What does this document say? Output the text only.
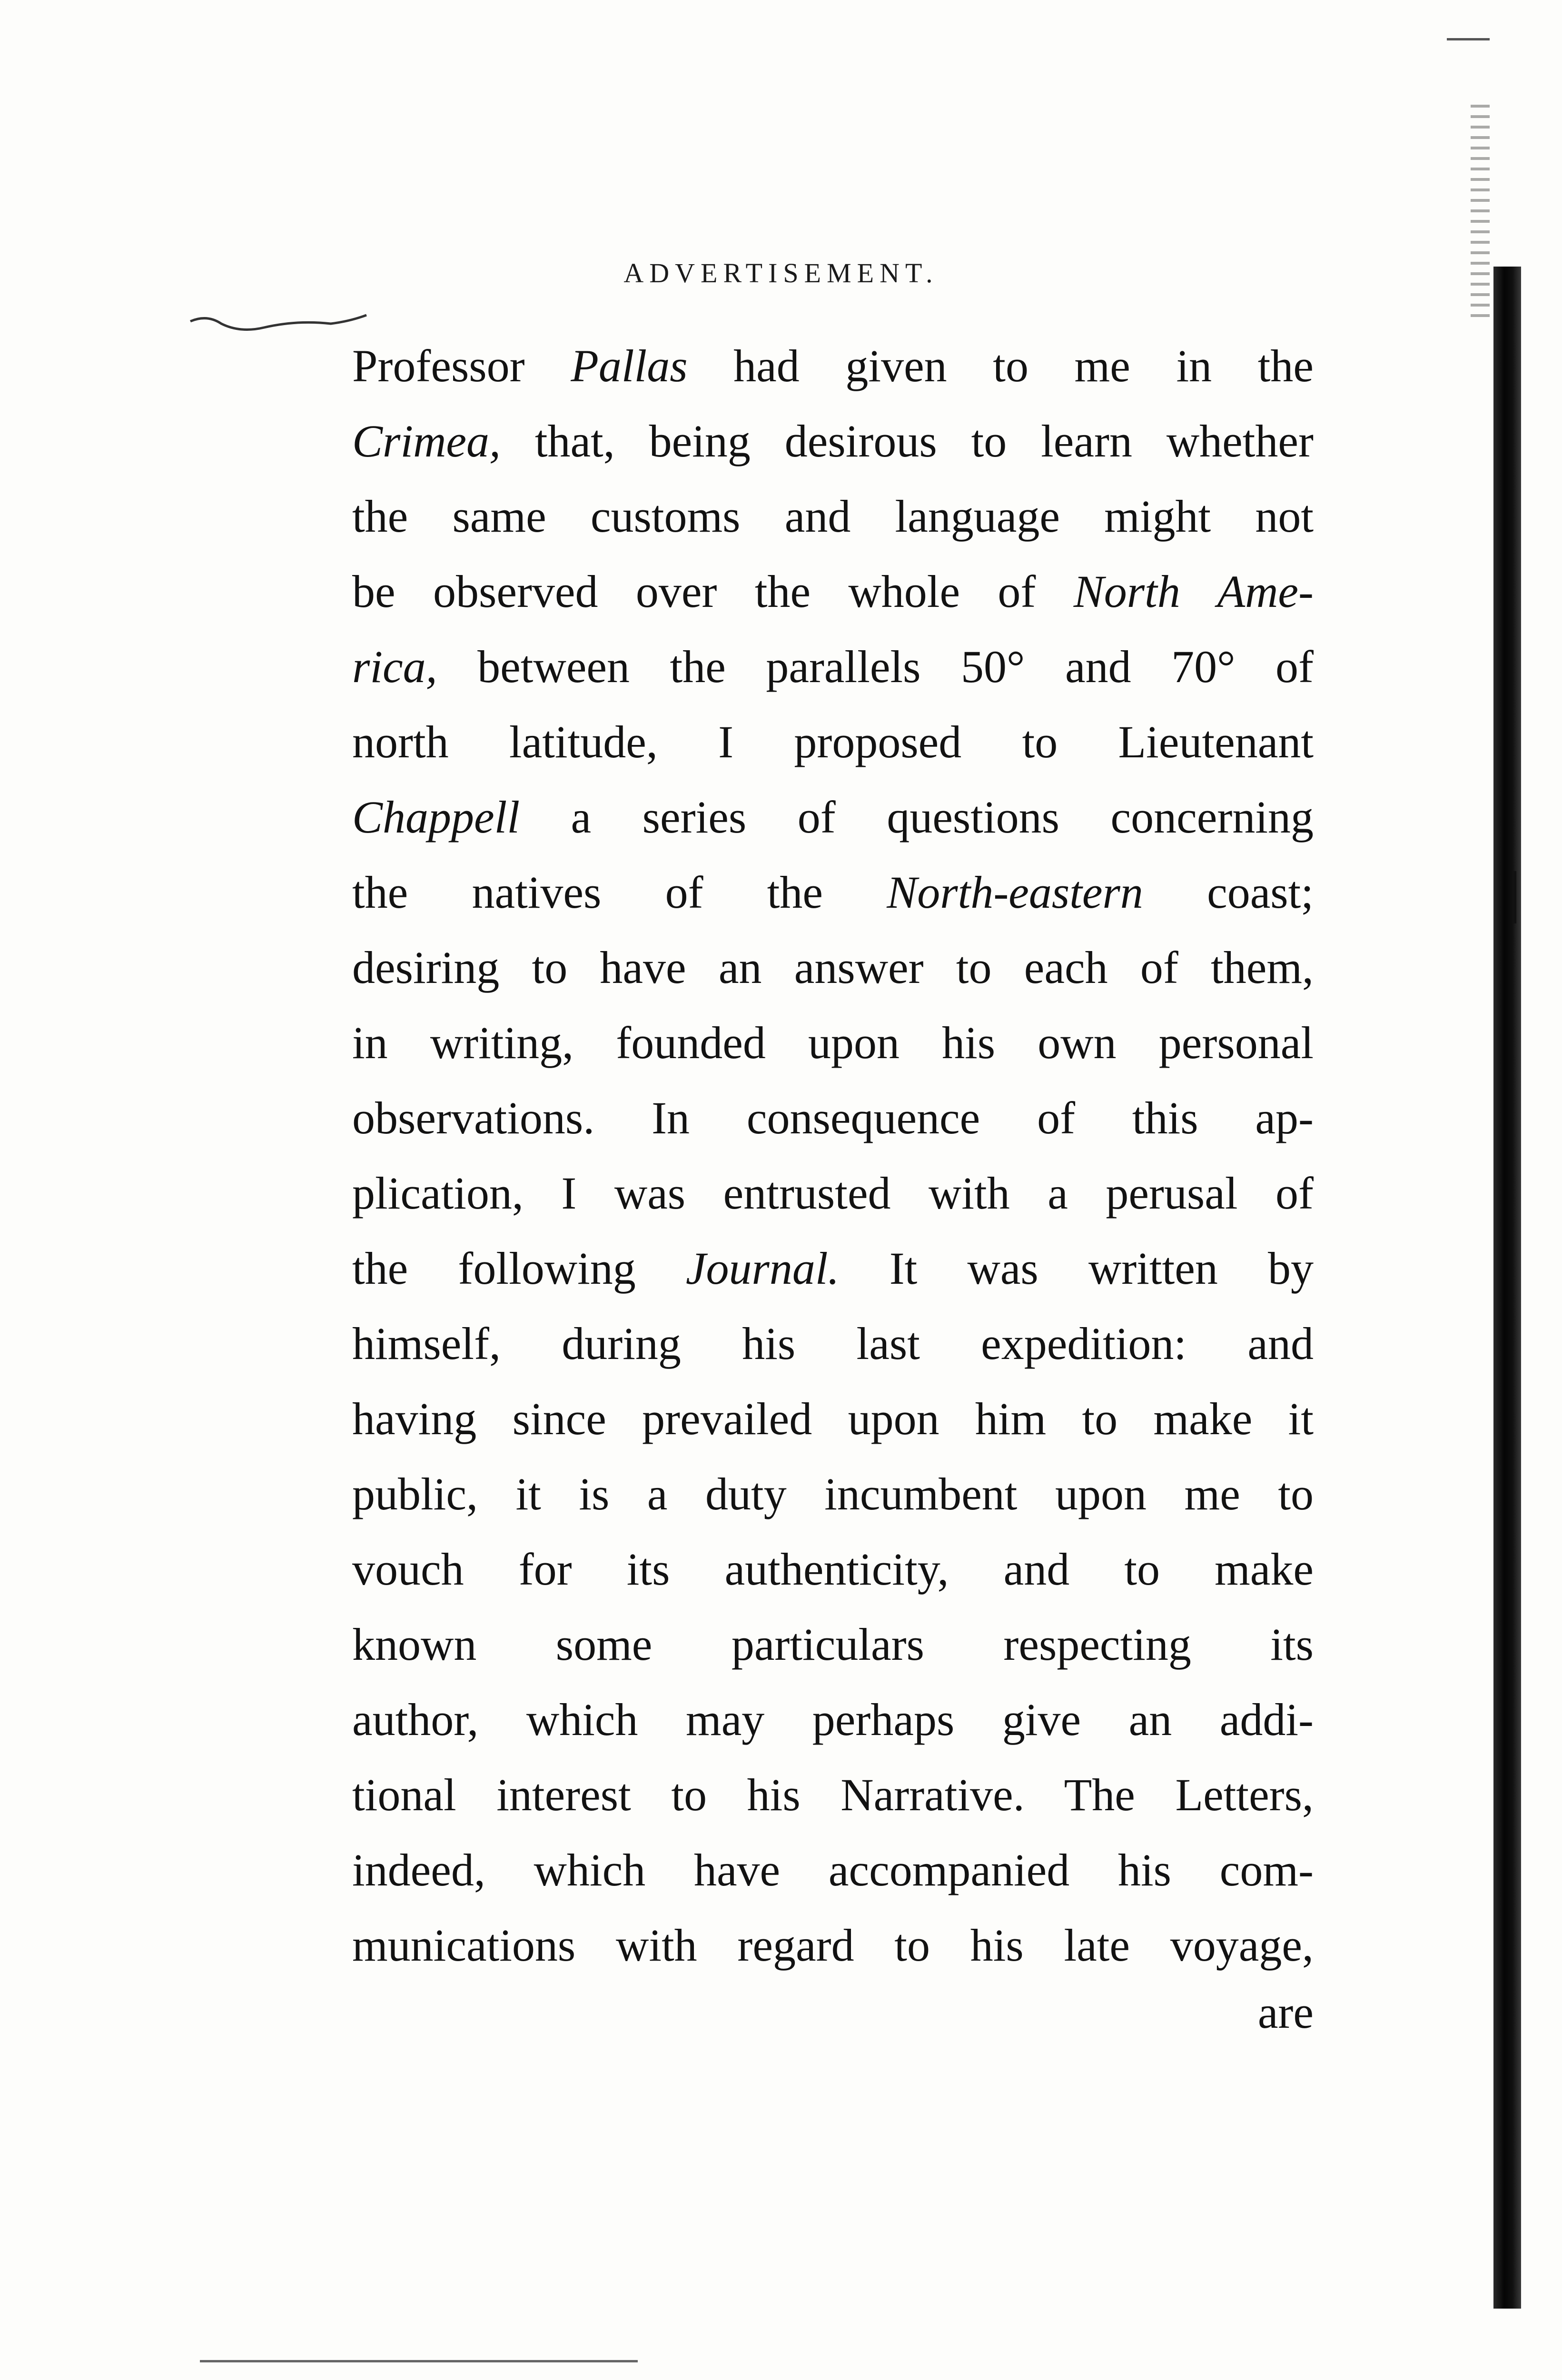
ADVERTISEMENT.
Professor Pallas had given to me in the
Crimea, that, being desirous to learn whether
the same customs and language might not
be observed over the whole of North Ame-
rica, between the parallels 50° and 70° of
north latitude, I proposed to Lieutenant
Chappell a series of questions concerning
the natives of the North-eastern coast;
desiring to have an answer to each of them,
in writing, founded upon his own personal
observations. In consequence of this ap-
plication, I was entrusted with a perusal of
the following Journal. It was written by
himself, during his last expedition: and
having since prevailed upon him to make it
public, it is a duty incumbent upon me to
vouch for its authenticity, and to make
known some particulars respecting its
author, which may perhaps give an addi-
tional interest to his Narrative. The Letters,
indeed, which have accompanied his com-
munications with regard to his late voyage,
are
